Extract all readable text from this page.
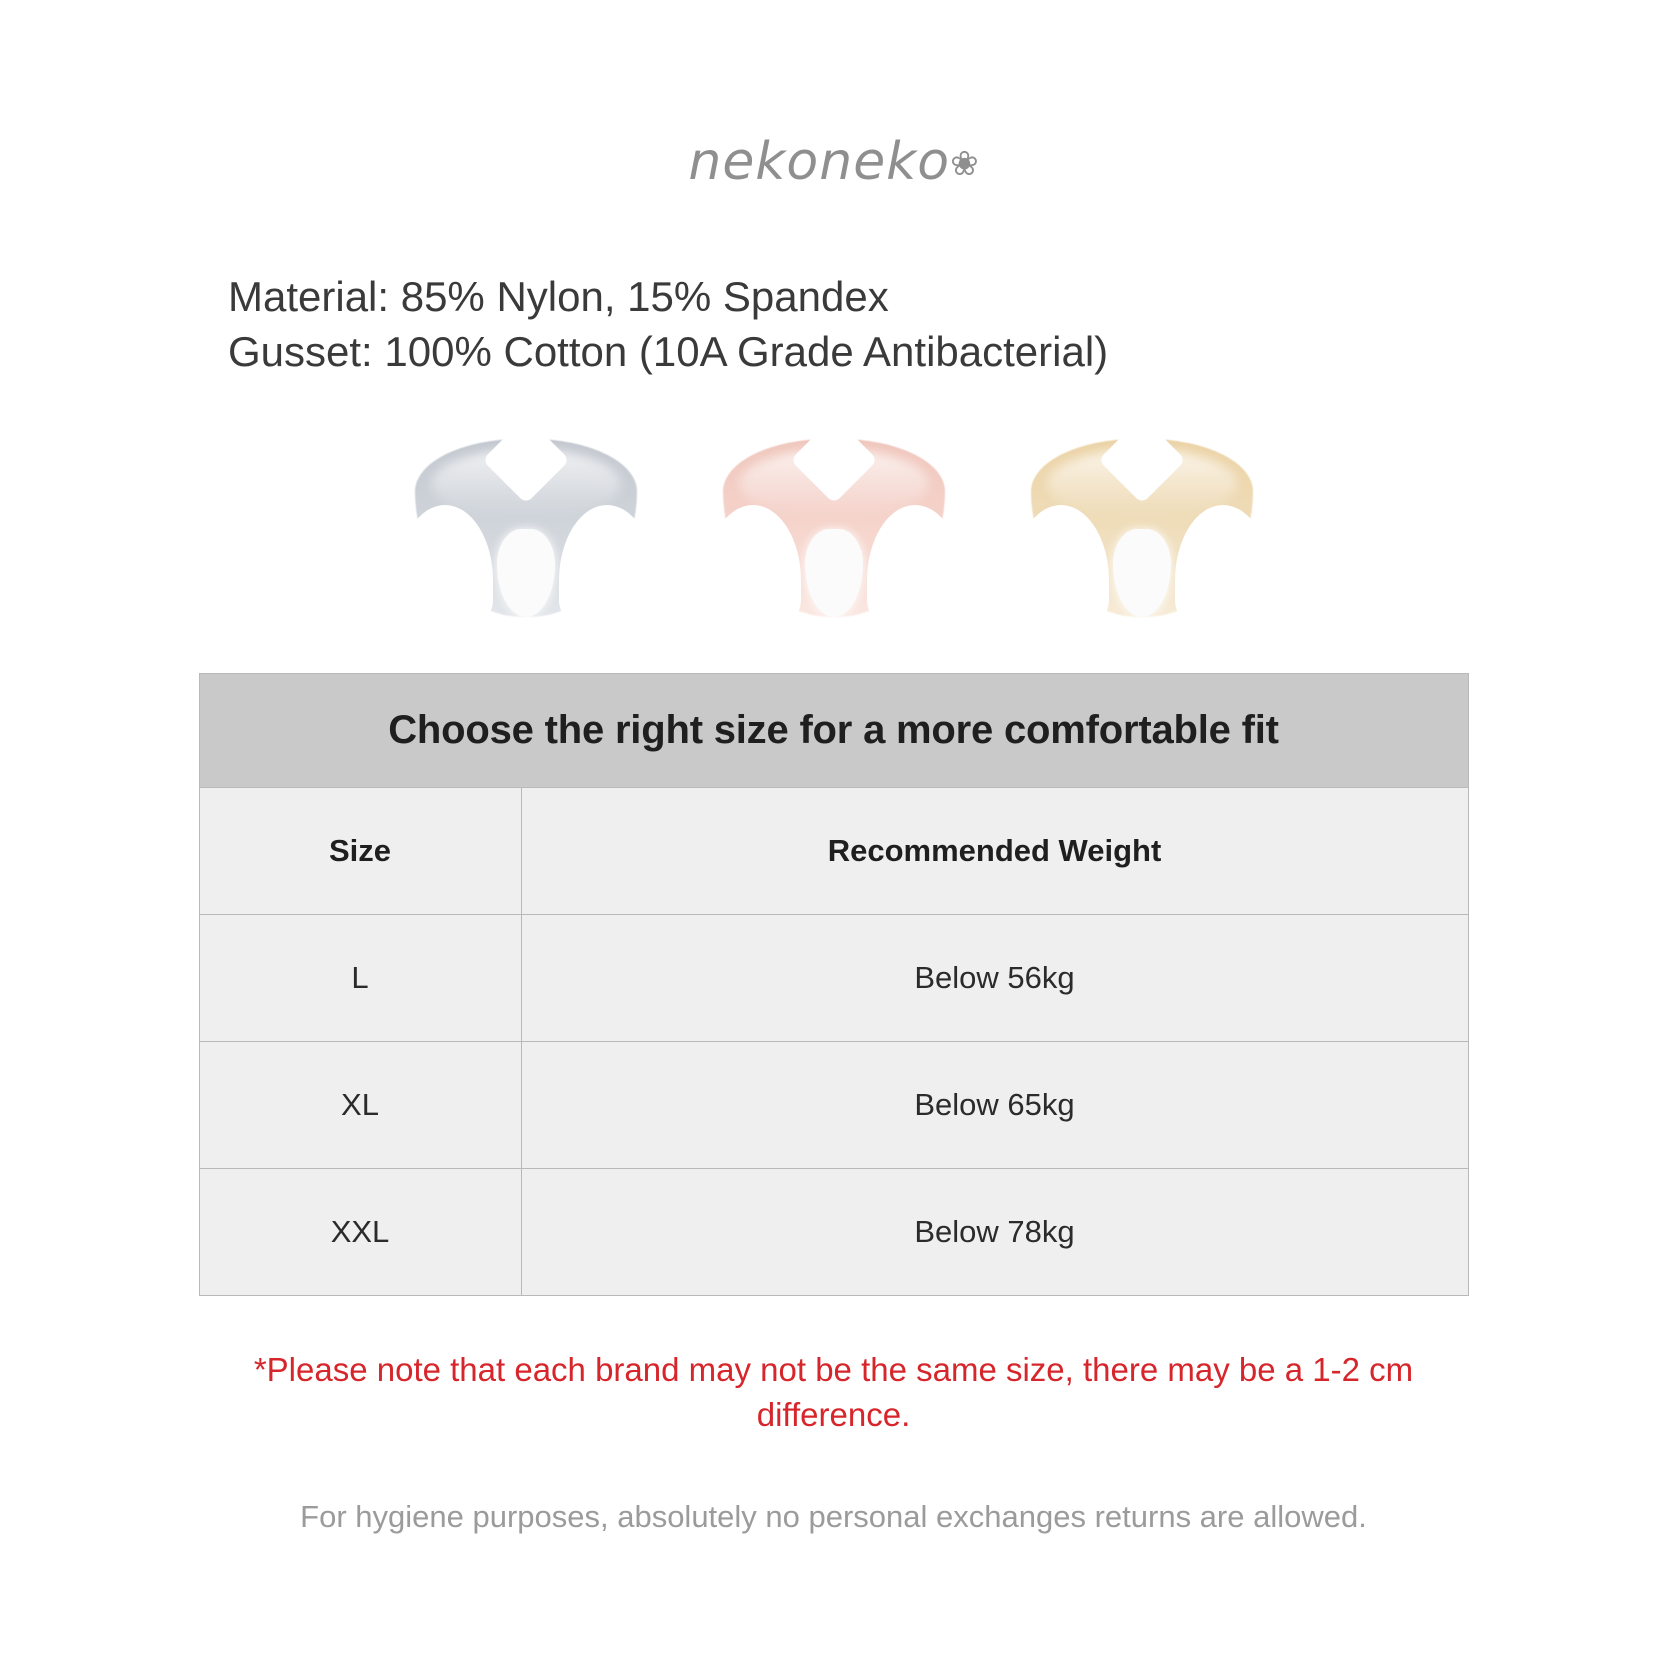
nekoneko❀
Material: 85% Nylon, 15% Spandex
Gusset: 100% Cotton (10A Grade Antibacterial)
Choose the right size for a more comfortable fit
Size	Recommended Weight
L	Below 56kg
XL	Below 65kg
XXL	Below 78kg
*Please note that each brand may not be the same size, there may be a 1-2 cm difference.
For hygiene purposes, absolutely no personal exchanges returns are allowed.
